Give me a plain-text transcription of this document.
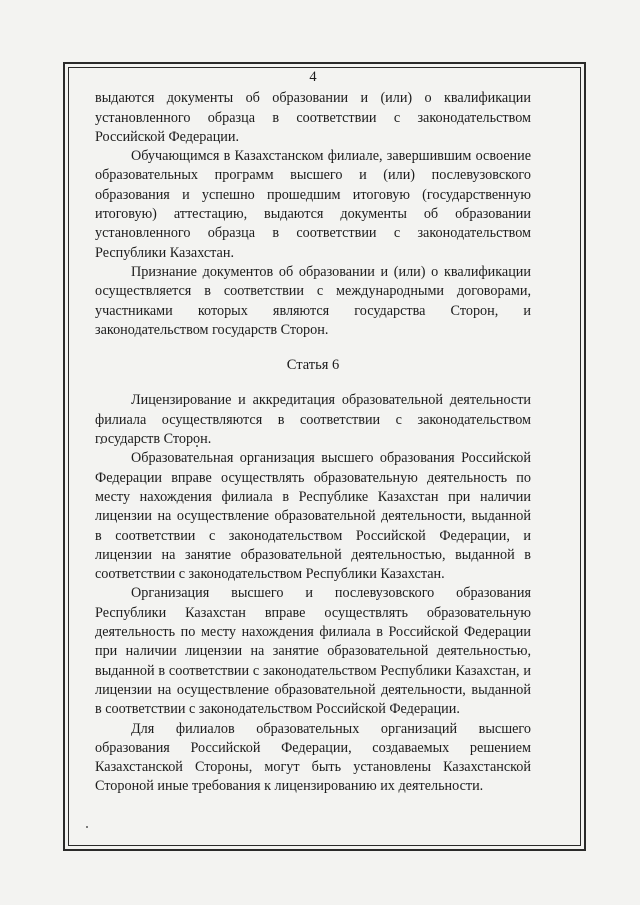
4

выдаются документы об образовании и (или) о квалификации установленного образца в соответствии с законодательством Российской Федерации.

Обучающимся в Казахстанском филиале, завершившим освоение образовательных программ высшего и (или) послевузовского образования и успешно прошедшим итоговую (государственную итоговую) аттестацию, выдаются документы об образовании установленного образца в соответствии с законодательством Республики Казахстан.

Признание документов об образовании и (или) о квалификации осуществляется в соответствии с международными договорами, участниками которых являются государства Сторон, и законодательством государств Сторон.

Статья 6

Лицензирование и аккредитация образовательной деятельности филиала осуществляются в соответствии с законодательством государств Сторон.

Образовательная организация высшего образования Российской Федерации вправе осуществлять образовательную деятельность по месту нахождения филиала в Республике Казахстан при наличии лицензии на осуществление образовательной деятельности, выданной в соответствии с законодательством Российской Федерации, и лицензии на занятие образовательной деятельностью, выданной в соответствии с законодательством Республики Казахстан.

Организация высшего и послевузовского образования Республики Казахстан вправе осуществлять образовательную деятельность по месту нахождения филиала в Российской Федерации при наличии лицензии на занятие образовательной деятельностью, выданной в соответствии с законодательством Республики Казахстан, и лицензии на осуществление образовательной деятельности, выданной в соответствии с законодательством Российской Федерации.

Для филиалов образовательных организаций высшего образования Российской Федерации, создаваемых решением Казахстанской Стороны, могут быть установлены Казахстанской Стороной иные требования к лицензированию их деятельности.
